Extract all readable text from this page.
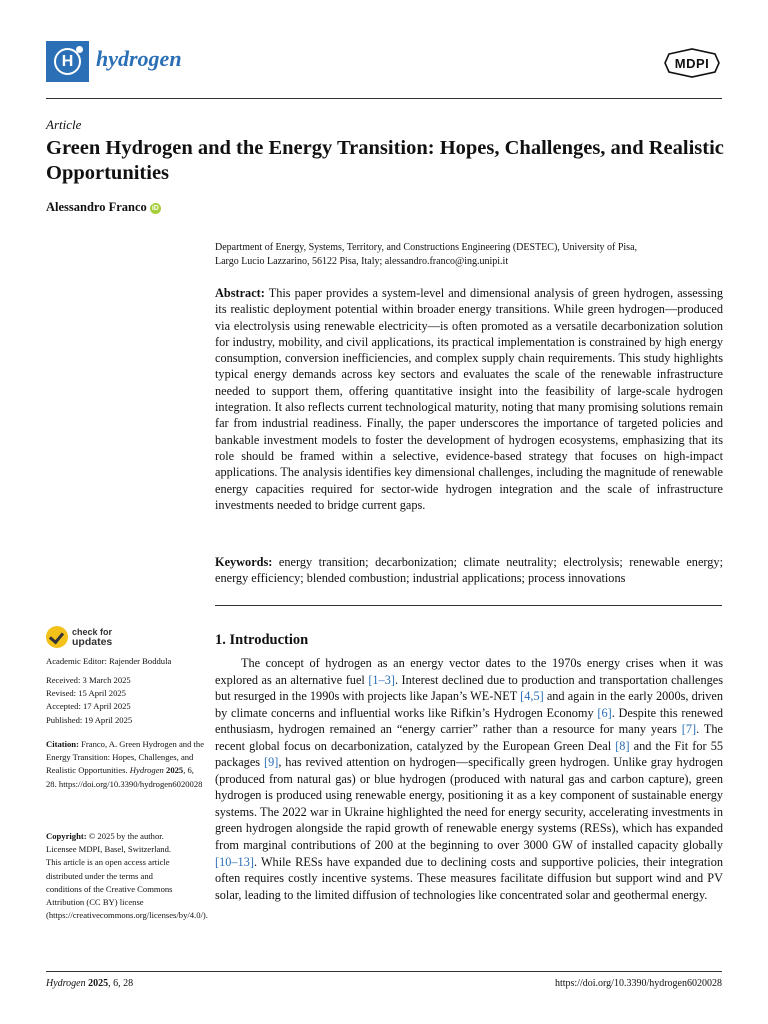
H	hydrogen	MDPI
Article
Green Hydrogen and the Energy Transition: Hopes, Challenges, and Realistic Opportunities
Alessandro Franco iD
Department of Energy, Systems, Territory, and Constructions Engineering (DESTEC), University of Pisa,
Largo Lucio Lazzarino, 56122 Pisa, Italy; alessandro.franco@ing.unipi.it
Abstract: This paper provides a system-level and dimensional analysis of green hydrogen, assessing its realistic deployment potential within broader energy transitions. While green hydrogen—produced via electrolysis using renewable electricity—is often promoted as a versatile decarbonization solution for industry, mobility, and civil applications, its practical implementation is constrained by high energy consumption, conversion inefficiencies, and complex supply chain requirements. This study highlights typical energy demands across key sectors and evaluates the scale of the renewable infrastructure needed to support them, offering quantitative insight into the feasibility of large-scale hydrogen integration. It also reflects current technological maturity, noting that many promising solutions remain far from industrial readiness. Finally, the paper underscores the importance of targeted policies and bankable investment models to foster the development of hydrogen ecosystems, emphasizing that its role should be framed within a selective, evidence-based strategy that focuses on high-impact applications. The analysis identifies key dimensional challenges, including the magnitude of renewable energy capacities required for sector-wide hydrogen integration and the scale of infrastructure investments needed to bridge current gaps.
Keywords: energy transition; decarbonization; climate neutrality; electrolysis; renewable energy; energy efficiency; blended combustion; industrial applications; process innovations
check for
updates
Academic Editor: Rajender Boddula
Received: 3 March 2025
Revised: 15 April 2025
Accepted: 17 April 2025
Published: 19 April 2025
Citation: Franco, A. Green Hydrogen and the Energy Transition: Hopes, Challenges, and Realistic Opportunities. Hydrogen 2025, 6, 28. https://doi.org/10.3390/hydrogen6020028
Copyright: © 2025 by the author. Licensee MDPI, Basel, Switzerland. This article is an open access article distributed under the terms and conditions of the Creative Commons Attribution (CC BY) license (https://creativecommons.org/licenses/by/4.0/).
1. Introduction
The concept of hydrogen as an energy vector dates to the 1970s energy crises when it was explored as an alternative fuel [1–3]. Interest declined due to production and transportation challenges but resurged in the 1990s with projects like Japan’s WE-NET [4,5] and again in the early 2000s, driven by climate concerns and influential works like Rifkin’s Hydrogen Economy [6]. Despite this renewed enthusiasm, hydrogen remained an “energy carrier” rather than a resource for many years [7]. The recent global focus on decarbonization, catalyzed by the European Green Deal [8] and the Fit for 55 packages [9], has revived attention on hydrogen—specifically green hydrogen. Unlike gray hydrogen (produced from natural gas) or blue hydrogen (produced with natural gas and carbon capture), green hydrogen is produced using renewable energy, positioning it as a key component of sustainable energy systems. The 2022 war in Ukraine highlighted the need for energy security, accelerating investments in green hydrogen alongside the rapid growth of renewable energy systems (RESs), which has expanded from marginal contributions of 200 at the beginning to over 3000 GW of installed capacity globally [10–13]. While RESs have expanded due to declining costs and supportive policies, their integration often requires costly incentive systems. These measures facilitate diffusion but support wind and PV solar, leading to the limited diffusion of technologies like concentrated solar and geothermal energy.
Hydrogen 2025, 6, 28	https://doi.org/10.3390/hydrogen6020028
